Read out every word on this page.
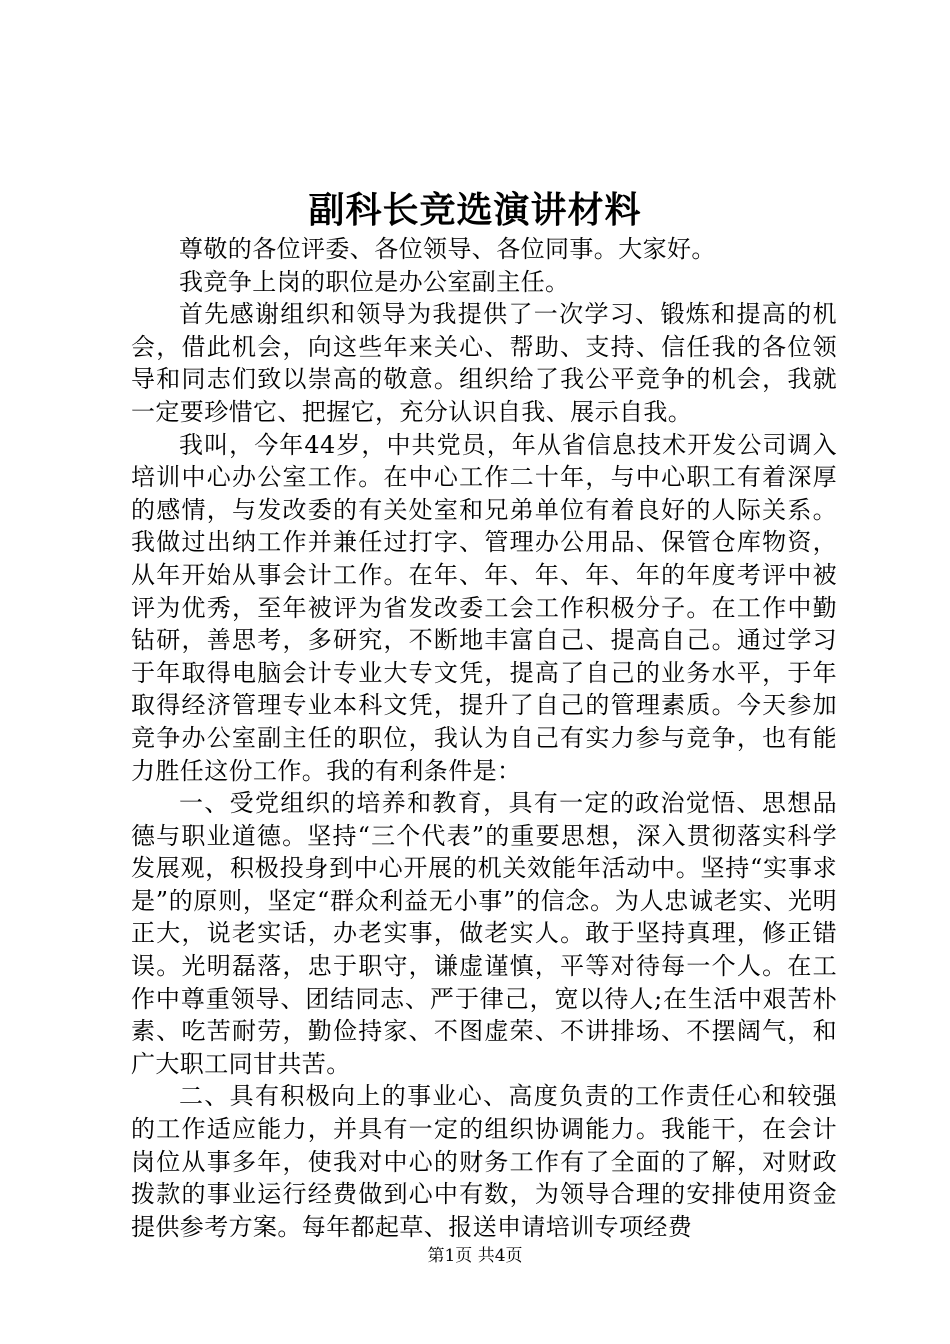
副科长竞选演讲材料

尊敬的各位评委、各位领导、各位同事。大家好。

我竞争上岗的职位是办公室副主任。

首先感谢组织和领导为我提供了一次学习、锻炼和提高的机会，借此机会，向这些年来关心、帮助、支持、信任我的各位领导和同志们致以崇高的敬意。组织给了我公平竞争的机会，我就一定要珍惜它、把握它，充分认识自我、展示自我。

我叫，今年44岁，中共党员，年从省信息技术开发公司调入培训中心办公室工作。在中心工作二十年，与中心职工有着深厚的感情，与发改委的有关处室和兄弟单位有着良好的人际关系。我做过出纳工作并兼任过打字、管理办公用品、保管仓库物资，从年开始从事会计工作。在年、年、年、年、年的年度考评中被评为优秀，至年被评为省发改委工会工作积极分子。在工作中勤钻研，善思考，多研究，不断地丰富自己、提高自己。通过学习于年取得电脑会计专业大专文凭，提高了自己的业务水平，于年取得经济管理专业本科文凭，提升了自己的管理素质。今天参加竞争办公室副主任的职位，我认为自己有实力参与竞争，也有能力胜任这份工作。我的有利条件是：

一、受党组织的培养和教育，具有一定的政治觉悟、思想品德与职业道德。坚持“三个代表”的重要思想，深入贯彻落实科学发展观，积极投身到中心开展的机关效能年活动中。坚持“实事求是”的原则，坚定“群众利益无小事”的信念。为人忠诚老实、光明正大，说老实话，办老实事，做老实人。敢于坚持真理，修正错误。光明磊落，忠于职守，谦虚谨慎，平等对待每一个人。在工作中尊重领导、团结同志、严于律己，宽以待人;在生活中艰苦朴素、吃苦耐劳，勤俭持家、不图虚荣、不讲排场、不摆阔气，和广大职工同甘共苦。

二、具有积极向上的事业心、高度负责的工作责任心和较强的工作适应能力，并具有一定的组织协调能力。我能干，在会计岗位从事多年，使我对中心的财务工作有了全面的了解，对财政拨款的事业运行经费做到心中有数，为领导合理的安排使用资金提供参考方案。每年都起草、报送申请培训专项经费

第1页 共4页
